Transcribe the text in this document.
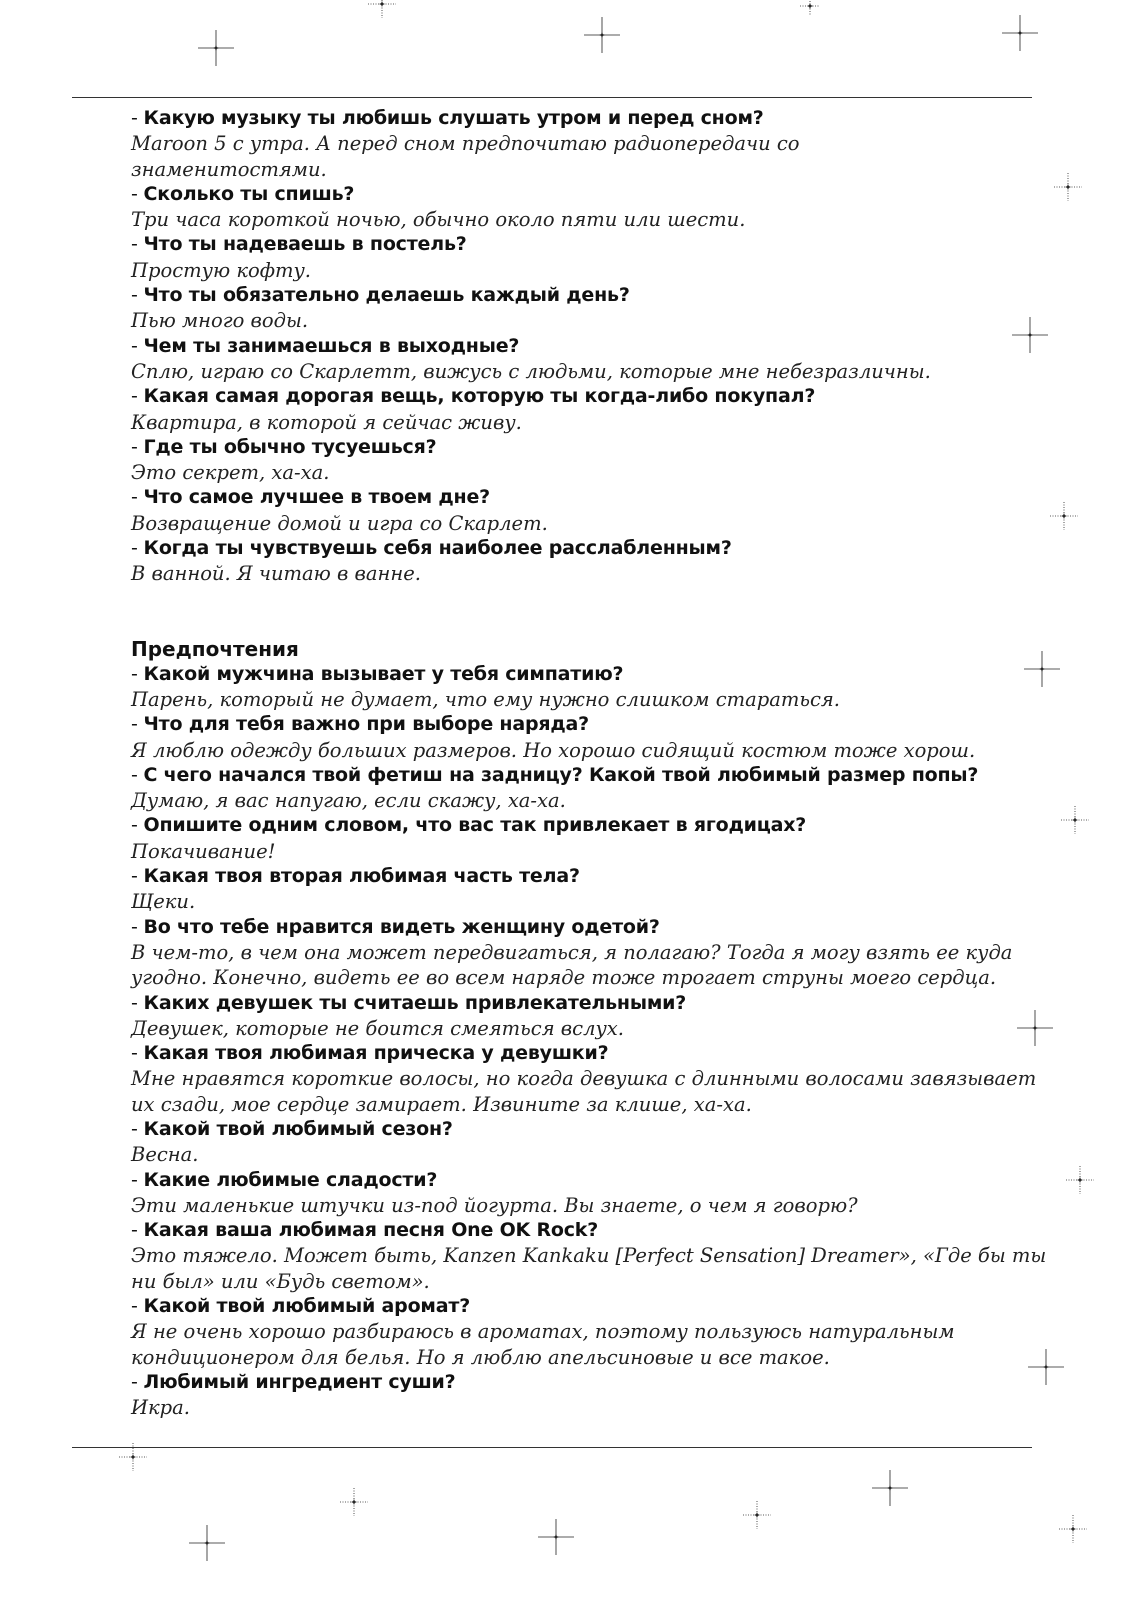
- Какую музыку ты любишь слушать утром и перед сном?
Maroon 5 с утра. А перед сном предпочитаю радиопередачи со
знаменитостями.
- Сколько ты спишь?
Три часа короткой ночью, обычно около пяти или шести.
- Что ты надеваешь в постель?
Простую кофту.
- Что ты обязательно делаешь каждый день?
Пью много воды.
- Чем ты занимаешься в выходные?
Сплю, играю со Скарлетт, вижусь с людьми, которые мне небезразличны.
- Какая самая дорогая вещь, которую ты когда-либо покупал?
Квартира, в которой я сейчас живу.
- Где ты обычно тусуешься?
Это секрет, ха-ха.
- Что самое лучшее в твоем дне?
Возвращение домой и игра со Скарлет.
- Когда ты чувствуешь себя наиболее расслабленным?
В ванной. Я читаю в ванне.
Предпочтения
- Какой мужчина вызывает у тебя симпатию?
Парень, который не думает, что ему нужно слишком стараться.
- Что для тебя важно при выборе наряда?
Я люблю одежду больших размеров. Но хорошо сидящий костюм тоже хорош.
- С чего начался твой фетиш на задницу? Какой твой любимый размер попы?
Думаю, я вас напугаю, если скажу, ха-ха.
- Опишите одним словом, что вас так привлекает в ягодицах?
Покачивание!
- Какая твоя вторая любимая часть тела?
Щеки.
- Во что тебе нравится видеть женщину одетой?
В чем-то, в чем она может передвигаться, я полагаю? Тогда я могу взять ее куда
угодно. Конечно, видеть ее во всем наряде тоже трогает струны моего сердца.
- Каких девушек ты считаешь привлекательными?
Девушек, которые не боится смеяться вслух.
- Какая твоя любимая прическа у девушки?
Мне нравятся короткие волосы, но когда девушка с длинными волосами завязывает
их сзади, мое сердце замирает. Извините за клише, ха-ха.
- Какой твой любимый сезон?
Весна.
- Какие любимые сладости?
Эти маленькие штучки из-под йогурта. Вы знаете, о чем я говорю?
- Какая ваша любимая песня One OK Rock?
Это тяжело. Может быть, Kanzen Kankaku [Perfect Sensation] Dreamer», «Где бы ты
ни был» или «Будь светом».
- Какой твой любимый аромат?
Я не очень хорошо разбираюсь в ароматах, поэтому пользуюсь натуральным
кондиционером для белья. Но я люблю апельсиновые и все такое.
- Любимый ингредиент суши?
Икра.
